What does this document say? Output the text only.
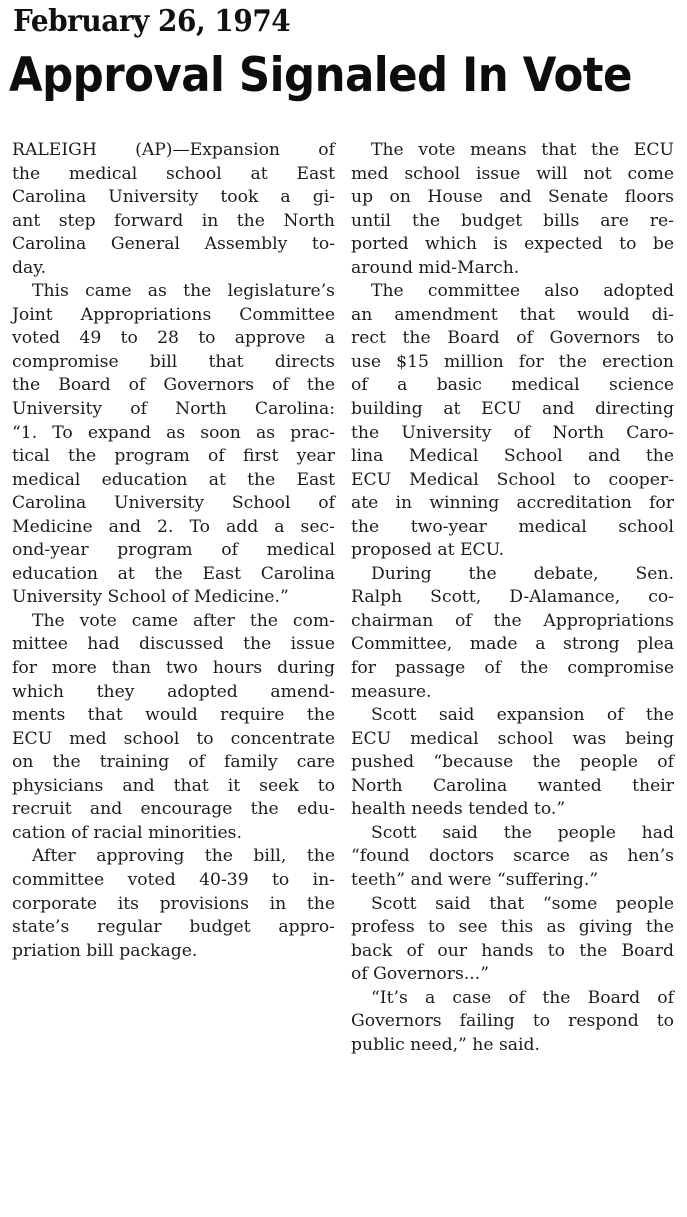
February 26, 1974
Approval Signaled In Vote
RALEIGH (AP)—Expansion of
the medical school at East
Carolina University took a gi-
ant step forward in the North
Carolina General Assembly to-
day.
This came as the legislature’s
Joint Appropriations Committee
voted 49 to 28 to approve a
compromise bill that directs
the Board of Governors of the
University of North Carolina:
“1. To expand as soon as prac-
tical the program of first year
medical education at the East
Carolina University School of
Medicine and 2. To add a sec-
ond-year program of medical
education at the East Carolina
University School of Medicine.”
The vote came after the com-
mittee had discussed the issue
for more than two hours during
which they adopted amend-
ments that would require the
ECU med school to concentrate
on the training of family care
physicians and that it seek to
recruit and encourage the edu-
cation of racial minorities.
After approving the bill, the
committee voted 40-39 to in-
corporate its provisions in the
state’s regular budget appro-
priation bill package.
The vote means that the ECU
med school issue will not come
up on House and Senate floors
until the budget bills are re-
ported which is expected to be
around mid-March.
The committee also adopted
an amendment that would di-
rect the Board of Governors to
use $15 million for the erection
of a basic medical science
building at ECU and directing
the University of North Caro-
lina Medical School and the
ECU Medical School to cooper-
ate in winning accreditation for
the two-year medical school
proposed at ECU.
During the debate, Sen.
Ralph Scott, D-Alamance, co-
chairman of the Appropriations
Committee, made a strong plea
for passage of the compromise
measure.
Scott said expansion of the
ECU medical school was being
pushed “because the people of
North Carolina wanted their
health needs tended to.”
Scott said the people had
“found doctors scarce as hen’s
teeth” and were “suffering.”
Scott said that “some people
profess to see this as giving the
back of our hands to the Board
of Governors...”
“It’s a case of the Board of
Governors failing to respond to
public need,” he said.
